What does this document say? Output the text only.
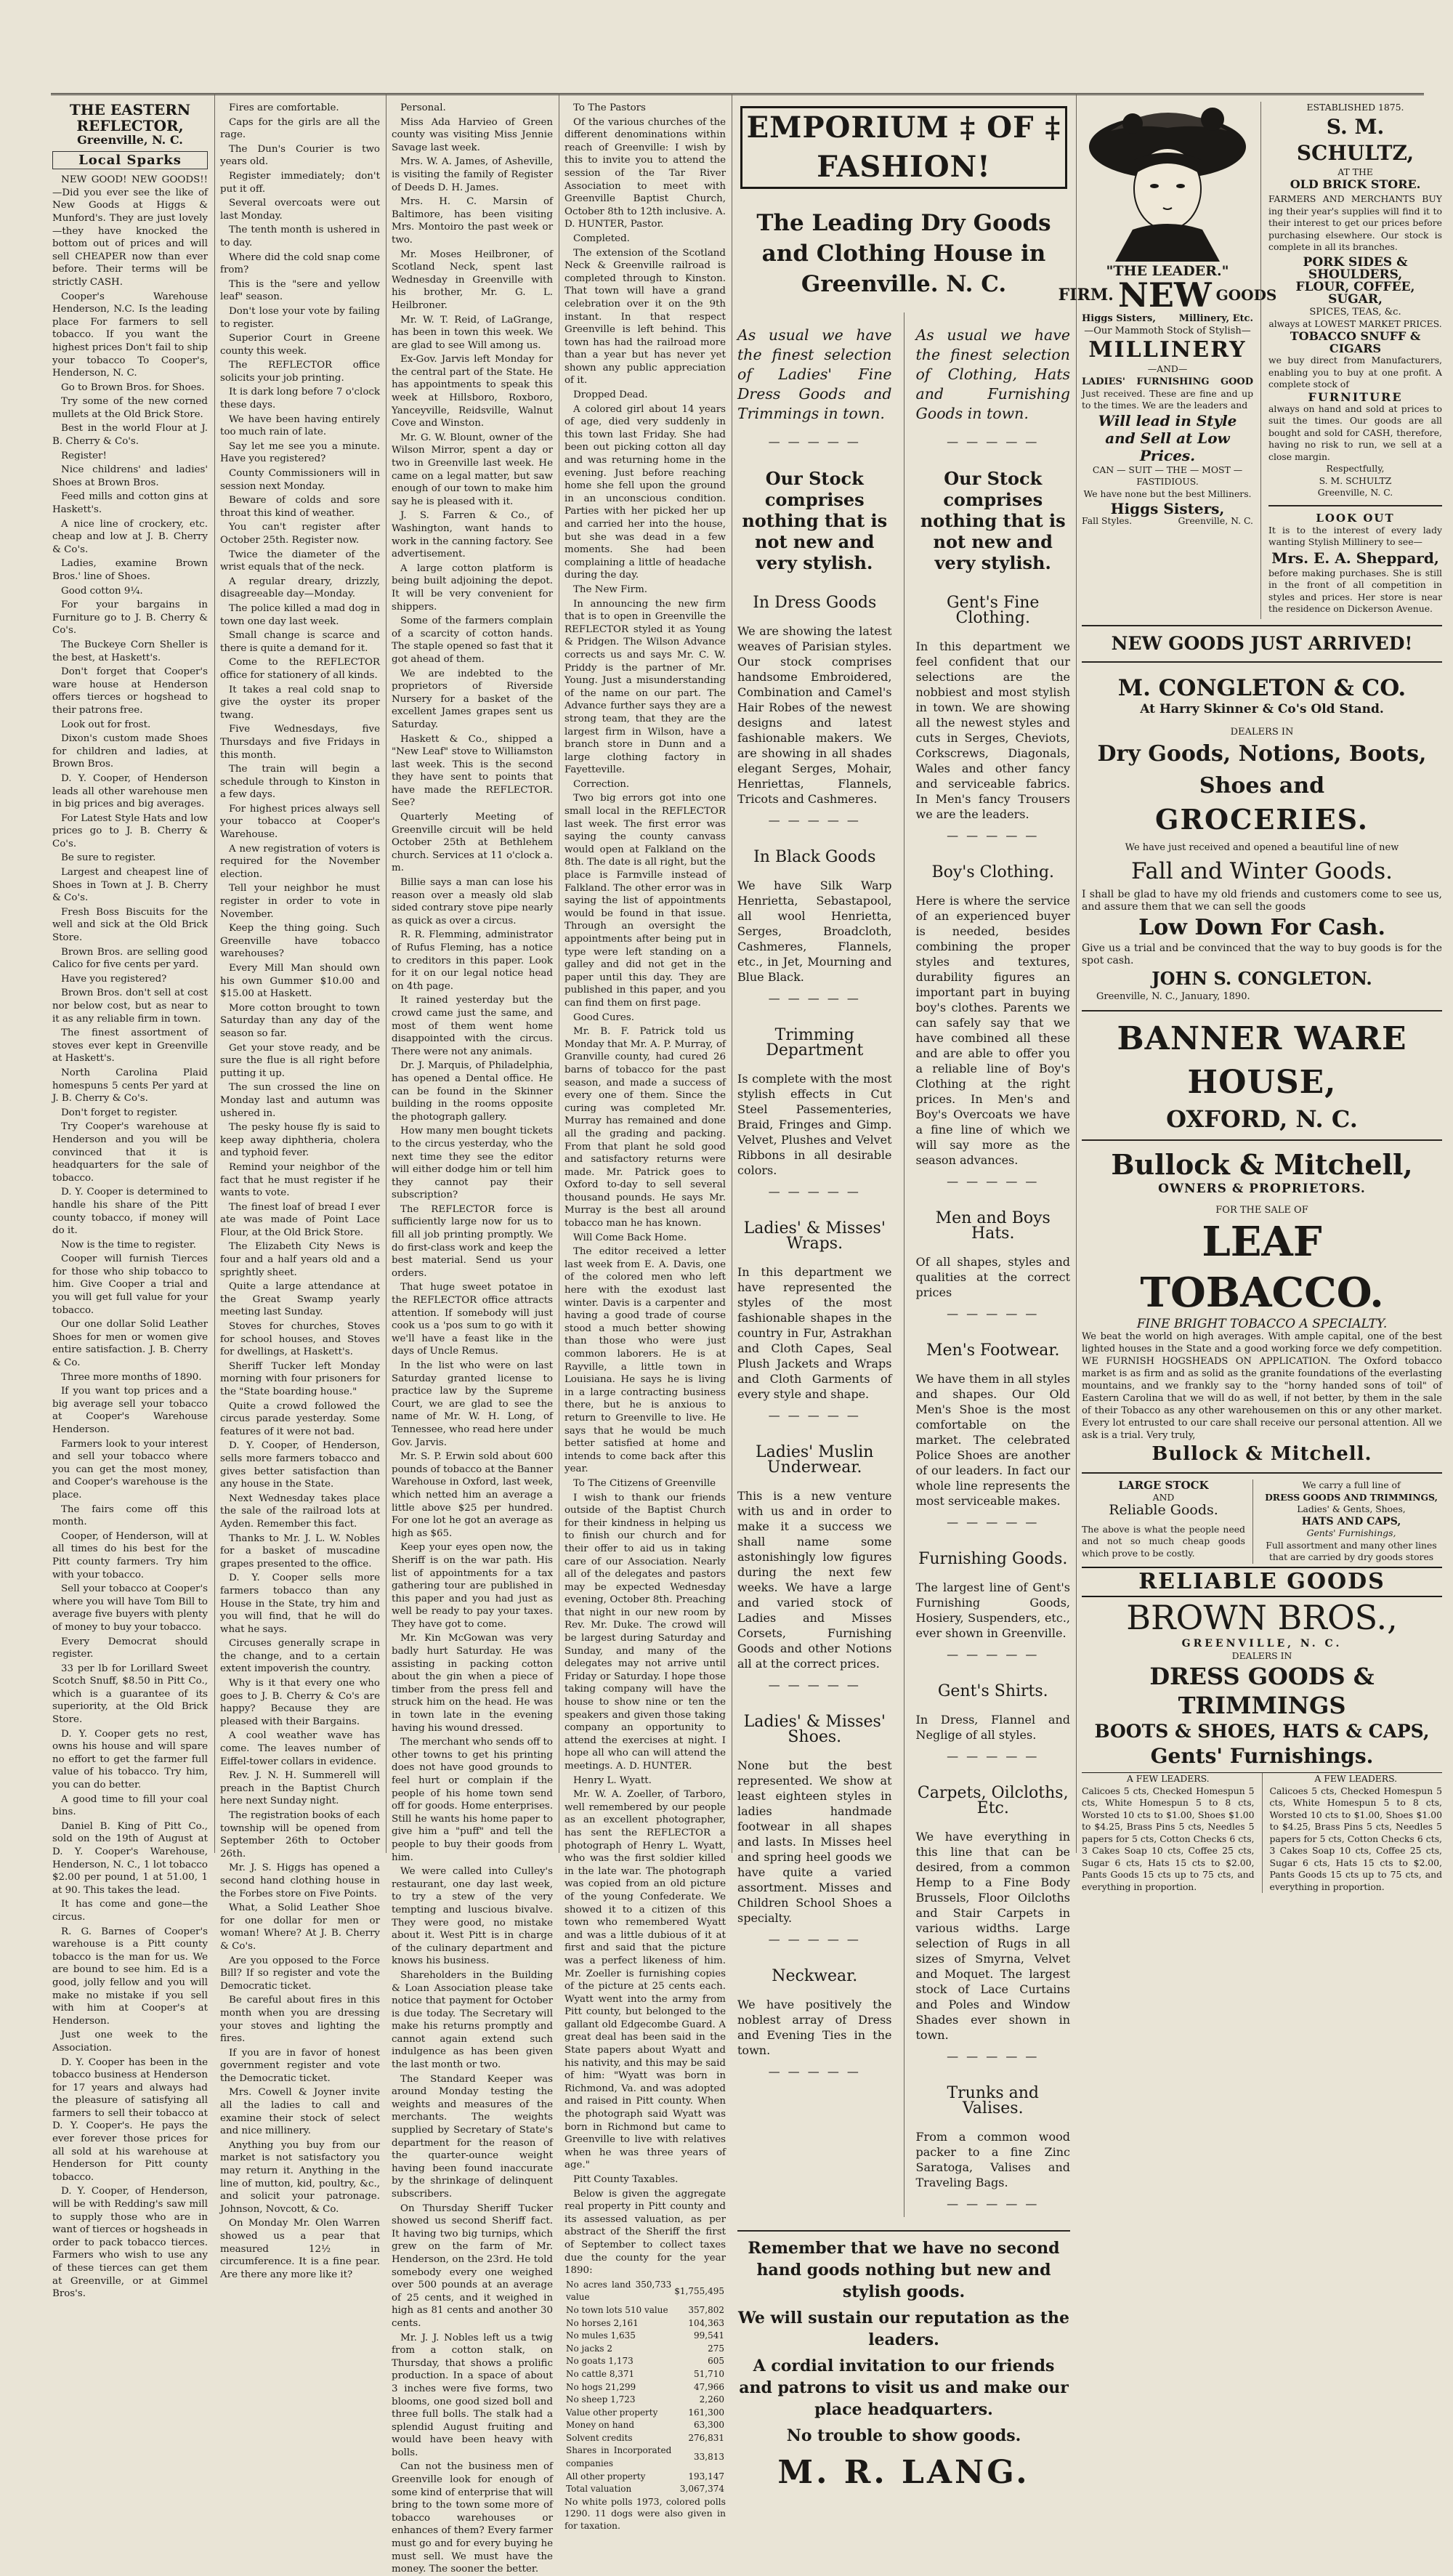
THE EASTERN REFLECTOR,
Greenville, N. C.
Local Sparks

NEW GOOD! NEW GOODS!!—Did you ever see the like of New Goods at Higgs & Munford's. They are just lovely—they have knocked the bottom out of prices and will sell CHEAPER now than ever before. Their terms will be strictly CASH.

Cooper's Warehouse Henderson, N.C. Is the leading place For farmers to sell tobacco. If you want the highest prices Don't fail to ship your tobacco To Cooper's, Henderson, N. C.

Go to Brown Bros. for Shoes.

Try some of the new corned mullets at the Old Brick Store.

Best in the world Flour at J. B. Cherry & Co's.

Register!

Nice childrens' and ladies' Shoes at Brown Bros.

Feed mills and cotton gins at Haskett's.

A nice line of crockery, etc. cheap and low at J. B. Cherry & Co's.

Ladies, examine Brown Bros.' line of Shoes.

Good cotton 9¼.

For your bargains in Furniture go to J. B. Cherry & Co's.

The Buckeye Corn Sheller is the best, at Haskett's.

Don't forget that Cooper's ware house at Henderson offers tierces or hogshead to their patrons free.

Look out for frost.

Dixon's custom made Shoes for children and ladies, at Brown Bros.

D. Y. Cooper, of Henderson leads all other warehouse men in big prices and big averages.

For Latest Style Hats and low prices go to J. B. Cherry & Co's.

Be sure to register.

Largest and cheapest line of Shoes in Town at J. B. Cherry & Co's.

Fresh Boss Biscuits for the well and sick at the Old Brick Store.

Brown Bros. are selling good Calico for five cents per yard.

Have you registered?

Brown Bros. don't sell at cost nor below cost, but as near to it as any reliable firm in town.

The finest assortment of stoves ever kept in Greenville at Haskett's.

North Carolina Plaid homespuns 5 cents Per yard at J. B. Cherry & Co's.

Don't forget to register.

Try Cooper's warehouse at Henderson and you will be convinced that it is headquarters for the sale of tobacco.

D. Y. Cooper is determined to handle his share of the Pitt county tobacco, if money will do it.

Now is the time to register.

Cooper will furnish Tierces for those who ship tobacco to him. Give Cooper a trial and you will get full value for your tobacco.

Our one dollar Solid Leather Shoes for men or women give entire satisfaction. J. B. Cherry & Co.

Three more months of 1890.

If you want top prices and a big average sell your tobacco at Cooper's Warehouse Henderson.

Farmers look to your interest and sell your tobacco where you can get the most money, and Cooper's warehouse is the place.

The fairs come off this month.

Cooper, of Henderson, will at all times do his best for the Pitt county farmers. Try him with your tobacco.

Sell your tobacco at Cooper's where you will have Tom Bill to average five buyers with plenty of money to buy your tobacco.

Every Democrat should register.

33 per lb for Lorillard Sweet Scotch Snuff, $8.50 in Pitt Co., which is a guarantee of its superiority, at the Old Brick Store.

D. Y. Cooper gets no rest, owns his house and will spare no effort to get the farmer full value of his tobacco. Try him, you can do better.

A good time to fill your coal bins.

Daniel B. King of Pitt Co., sold on the 19th of August at D. Y. Cooper's Warehouse, Henderson, N. C., 1 lot tobacco $2.00 per pound, 1 at 51.00, 1 at 90. This takes the lead.

It has come and gone—the circus.

R. G. Barnes of Cooper's warehouse is a Pitt county tobacco is the man for us. We are bound to see him. Ed is a good, jolly fellow and you will make no mistake if you sell with him at Cooper's at Henderson.

Just one week to the Association.

D. Y. Cooper has been in the tobacco business at Henderson for 17 years and always had the pleasure of satisfying all farmers to sell their tobacco at D. Y. Cooper's. He pays the ever forever those prices for all sold at his warehouse at Henderson for Pitt county tobacco.

D. Y. Cooper, of Henderson, will be with Redding's saw mill to supply those who are in want of tierces or hogsheads in order to pack tobacco tierces. Farmers who wish to use any of these tierces can get them at Greenville, or at Gimmel Bros's.

Fires are comfortable.

Caps for the girls are all the rage.

The Dun's Courier is two years old.

Register immediately; don't put it off.

Several overcoats were out last Monday.

The tenth month is ushered in to day.

Where did the cold snap come from?

This is the "sere and yellow leaf" season.

Don't lose your vote by failing to register.

Superior Court in Greene county this week.

The REFLECTOR office solicits your job printing.

It is dark long before 7 o'clock these days.

We have been having entirely too much rain of late.

Say let me see you a minute. Have you registered?

County Commissioners will in session next Monday.

Beware of colds and sore throat this kind of weather.

You can't register after October 25th. Register now.

Twice the diameter of the wrist equals that of the neck.

A regular dreary, drizzly, disagreeable day—Monday.

The police killed a mad dog in town one day last week.

Small change is scarce and there is quite a demand for it.

Come to the REFLECTOR office for stationery of all kinds.

It takes a real cold snap to give the oyster its proper twang.

Five Wednesdays, five Thursdays and five Fridays in this month.

The train will begin a schedule through to Kinston in a few days.

For highest prices always sell your tobacco at Cooper's Warehouse.

A new registration of voters is required for the November election.

Tell your neighbor he must register in order to vote in November.

Keep the thing going. Such Greenville have tobacco warehouses?

Every Mill Man should own his own Gummer $10.00 and $15.00 at Haskett.

More cotton brought to town Saturday than any day of the season so far.

Get your stove ready, and be sure the flue is all right before putting it up.

The sun crossed the line on Monday last and autumn was ushered in.

The pesky house fly is said to keep away diphtheria, cholera and typhoid fever.

Remind your neighbor of the fact that he must register if he wants to vote.

The finest loaf of bread I ever ate was made of Point Lace Flour, at the Old Brick Store.

The Elizabeth City News is four and a half years old and a sprightly sheet.

Quite a large attendance at the Great Swamp yearly meeting last Sunday.

Stoves for churches, Stoves for school houses, and Stoves for dwellings, at Haskett's.

Sheriff Tucker left Monday morning with four prisoners for the "State boarding house."

Quite a crowd followed the circus parade yesterday. Some features of it were not bad.

D. Y. Cooper, of Henderson, sells more farmers tobacco and gives better satisfaction than any house in the State.

Next Wednesday takes place the sale of the railroad lots at Ayden. Remember this fact.

Thanks to Mr. J. L. W. Nobles for a basket of muscadine grapes presented to the office.

D. Y. Cooper sells more farmers tobacco than any House in the State, try him and you will find, that he will do what he says.

Circuses generally scrape in the change, and to a certain extent impoverish the country.

Why is it that every one who goes to J. B. Cherry & Co's are happy? Because they are pleased with their Bargains.

A cool weather wave has come. The leaves number of Eiffel-tower collars in evidence.

Rev. J. N. H. Summerell will preach in the Baptist Church here next Sunday night.

The registration books of each township will be opened from September 26th to October 26th.

Mr. J. S. Higgs has opened a second hand clothing house in the Forbes store on Five Points.

What, a Solid Leather Shoe for one dollar for men or woman! Where? At J. B. Cherry & Co's.

Are you opposed to the Force Bill? If so register and vote the Democratic ticket.

Be careful about fires in this month when you are dressing your stoves and lighting the fires.

If you are in favor of honest government register and vote the Democratic ticket.

Mrs. Cowell & Joyner invite all the ladies to call and examine their stock of select and nice millinery.

Anything you buy from our market is not satisfactory you may return it. Anything in the line of mutton, kid, poultry, &c., and solicit your patronage. Johnson, Novcott, & Co.

On Monday Mr. Olen Warren showed us a pear that measured 12½ in circumference. It is a fine pear. Are there any more like it?

Personal.

Miss Ada Harvieo of Green county was visiting Miss Jennie Savage last week.

Mrs. W. A. James, of Asheville, is visiting the family of Register of Deeds D. H. James.

Mrs. H. C. Marsin of Baltimore, has been visiting Mrs. Montoiro the past week or two.

Mr. Moses Heilbroner, of Scotland Neck, spent last Wednesday in Greenville with his brother, Mr. G. L. Heilbroner.

Mr. W. T. Reid, of LaGrange, has been in town this week. We are glad to see Will among us.

Ex-Gov. Jarvis left Monday for the central part of the State. He has appointments to speak this week at Hillsboro, Roxboro, Yanceyville, Reidsville, Walnut Cove and Winston.

Mr. G. W. Blount, owner of the Wilson Mirror, spent a day or two in Greenville last week. He came on a legal matter, but saw enough of our town to make him say he is pleased with it.

J. S. Farren & Co., of Washington, want hands to work in the canning factory. See advertisement.

A large cotton platform is being built adjoining the depot. It will be very convenient for shippers.

Some of the farmers complain of a scarcity of cotton hands. The staple opened so fast that it got ahead of them.

We are indebted to the proprietors of Riverside Nursery for a basket of the excellent James grapes sent us Saturday.

Haskett & Co., shipped a "New Leaf" stove to Williamston last week. This is the second they have sent to points that have made the REFLECTOR. See?

Quarterly Meeting of Greenville circuit will be held October 25th at Bethlehem church. Services at 11 o'clock a. m.

Billie says a man can lose his reason over a measly old slab sided contrary stove pipe nearly as quick as over a circus.

R. R. Flemming, administrator of Rufus Fleming, has a notice to creditors in this paper. Look for it on our legal notice head on 4th page.

It rained yesterday but the crowd came just the same, and most of them went home disappointed with the circus. There were not any animals.

Dr. J. Marquis, of Philadelphia, has opened a Dental office. He can be found in the Skinner building in the rooms opposite the photograph gallery.

How many men bought tickets to the circus yesterday, who the next time they see the editor will either dodge him or tell him they cannot pay their subscription?

The REFLECTOR force is sufficiently large now for us to fill all job printing promptly. We do first-class work and keep the best material. Send us your orders.

That huge sweet potatoe in the REFLECTOR office attracts attention. If somebody will just cook us a 'pos sum to go with it we'll have a feast like in the days of Uncle Remus.

In the list who were on last Saturday granted license to practice law by the Supreme Court, we are glad to see the name of Mr. W. H. Long, of Tennessee, who read here under Gov. Jarvis.

Mr. S. P. Erwin sold about 600 pounds of tobacco at the Banner Warehouse in Oxford, last week, which netted him an average a little above $25 per hundred. For one lot he got an average as high as $65.

Keep your eyes open now, the Sheriff is on the war path. His list of appointments for a tax gathering tour are published in this paper and you had just as well be ready to pay your taxes. They have got to come.

Mr. Kin McGowan was very badly hurt Saturday. He was assisting in packing cotton about the gin when a piece of timber from the press fell and struck him on the head. He was in town late in the evening having his wound dressed.

The merchant who sends off to other towns to get his printing does not have good grounds to feel hurt or complain if the people of his home town send off for goods. Home enterprises. Still he wants his home paper to give him a "puff" and tell the people to buy their goods from him.

We were called into Culley's restaurant, one day last week, to try a stew of the very tempting and luscious bivalve. They were good, no mistake about it. West Pitt is in charge of the culinary department and knows his business.

Shareholders in the Building & Loan Association please take notice that payment for October is due today. The Secretary will make his returns promptly and cannot again extend such indulgence as has been given the last month or two.

The Standard Keeper was around Monday testing the weights and measures of the merchants. The weights supplied by Secretary of State's department for the reason of the quarter-ounce weight having been found inaccurate by the shrinkage of delinquent subscribers.

On Thursday Sheriff Tucker showed us second Sheriff fact. It having two big turnips, which grew on the farm of Mr. Henderson, on the 23rd. He told somebody every one weighed over 500 pounds at an average of 25 cents, and it weighed in high as 81 cents and another 30 cents.

Mr. J. J. Nobles left us a twig from a cotton stalk, on Thursday, that shows a prolific production. In a space of about 3 inches were five forms, two blooms, one good sized boll and three full bolls. The stalk had a splendid August fruiting and would have been heavy with bolls.

Can not the business men of Greenville look for enough of some kind of enterprise that will bring to the town some more of tobacco warehouses or enhances of them? Every farmer must go and for every buying he must sell. We must have the money. The sooner the better.

To The Pastors

Of the various churches of the different denominations within reach of Greenville: I wish by this to invite you to attend the session of the Tar River Association to meet with Greenville Baptist Church, October 8th to 12th inclusive. A. D. HUNTER, Pastor.

Completed.

The extension of the Scotland Neck & Greenville railroad is completed through to Kinston. That town will have a grand celebration over it on the 9th instant. In that respect Greenville is left behind. This town has had the railroad more than a year but has never yet shown any public appreciation of it.

Dropped Dead.

A colored girl about 14 years of age, died very suddenly in this town last Friday. She had been out picking cotton all day and was returning home in the evening. Just before reaching home she fell upon the ground in an unconscious condition. Parties with her picked her up and carried her into the house, but she was dead in a few moments. She had been complaining a little of headache during the day.

The New Firm.

In announcing the new firm that is to open in Greenville the REFLECTOR styled it as Young & Pridgen. The Wilson Advance corrects us and says Mr. C. W. Priddy is the partner of Mr. Young. Just a misunderstanding of the name on our part. The Advance further says they are a strong team, that they are the largest firm in Wilson, have a branch store in Dunn and a large clothing factory in Fayetteville.

Correction.

Two big errors got into one small local in the REFLECTOR last week. The first error was saying the county canvass would open at Falkland on the 8th. The date is all right, but the place is Farmville instead of Falkland. The other error was in saying the list of appointments would be found in that issue. Through an oversight the appointments after being put in type were left standing on a galley and did not get in the paper until this day. They are published in this paper, and you can find them on first page.

Good Cures.

Mr. B. F. Patrick told us Monday that Mr. A. P. Murray, of Granville county, had cured 26 barns of tobacco for the past season, and made a success of every one of them. Since the curing was completed Mr. Murray has remained and done all the grading and packing. From that plant he sold good and satisfactory returns were made. Mr. Patrick goes to Oxford to-day to sell several thousand pounds. He says Mr. Murray is the best all around tobacco man he has known.

Will Come Back Home.

The editor received a letter last week from E. A. Davis, one of the colored men who left here with the exodust last winter. Davis is a carpenter and having a good trade of course stood a much better showing than those who were just common laborers. He is at Rayville, a little town in Louisiana. He says he is living in a large contracting business there, but he is anxious to return to Greenville to live. He says that he would be much better satisfied at home and intends to come back after this year.

To The Citizens of Greenville

I wish to thank our friends outside of the Baptist Church for their kindness in helping us to finish our church and for their offer to aid us in taking care of our Association. Nearly all of the delegates and pastors may be expected Wednesday evening, October 8th. Preaching that night in our new room by Rev. Mr. Duke. The crowd will be largest during Saturday and Sunday, and many of the delegates may not arrive until Friday or Saturday. I hope those taking company will have the house to show nine or ten the speakers and given those taking company an opportunity to attend the exercises at night. I hope all who can will attend the meetings. A. D. HUNTER.

Henry L. Wyatt.

Mr. W. A. Zoeller, of Tarboro, well remembered by our people as an excellent photographer, has sent the REFLECTOR a photograph of Henry L. Wyatt, who was the first soldier killed in the late war. The photograph was copied from an old picture of the young Confederate. We showed it to a citizen of this town who remembered Wyatt and was a little dubious of it at first and said that the picture was a perfect likeness of him. Mr. Zoeller is furnishing copies of the picture at 25 cents each. Wyatt went into the army from Pitt county, but belonged to the gallant old Edgecombe Guard. A great deal has been said in the State papers about Wyatt and his nativity, and this may be said of him: "Wyatt was born in Richmond, Va. and was adopted and raised in Pitt county. When the photograph said Wyatt was born in Richmond but came to Greenville to live with relatives when he was three years of age."

Pitt County Taxables.

Below is given the aggregate real property in Pitt county and its assessed valuation, as per abstract of the Sheriff the first of September to collect taxes due the county for the year 1890:

No acres land 350,733 value	$1,755,495
No town lots 510 value	357,802
No horses 2,161	104,363
No mules 1,635	99,541
No jacks 2	275
No goats 1,173	605
No cattle 8,371	51,710
No hogs 21,299	47,966
No sheep 1,723	2,260
Value other property	161,300
Money on hand	63,300
Solvent credits	276,831
Shares in Incorporated companies	33,813
All other property	193,147
Total valuation	3,067,374
No white polls 1973, colored polls 1290. 11 dogs were also given in for taxation.
EMPORIUM ‡ OF ‡ FASHION!
The Leading Dry Goods and Clothing House in Greenville. N. C.
As usual we have the finest selection of Ladies' Fine Dress Goods and Trimmings in town.
— — — — —
Our Stock comprises nothing that is not new and very stylish.
In Dress Goods
We are showing the latest weaves of Parisian styles. Our stock comprises handsome Embroidered, Combination and Camel's Hair Robes of the newest designs and latest fashionable makers. We are showing in all shades elegant Serges, Mohair, Henriettas, Flannels, Tricots and Cashmeres.
— — — — —
In Black Goods
We have Silk Warp Henrietta, Sebastapool, all wool Henrietta, Serges, Broadcloth, Cashmeres, Flannels, etc., in Jet, Mourning and Blue Black.
— — — — —
Trimming Department
Is complete with the most stylish effects in Cut Steel Passementeries, Braid, Fringes and Gimp. Velvet, Plushes and Velvet Ribbons in all desirable colors.
— — — — —
Ladies' & Misses' Wraps.
In this department we have represented the styles of the most fashionable shapes in the country in Fur, Astrakhan and Cloth Capes, Seal Plush Jackets and Wraps and Cloth Garments of every style and shape.
— — — — —
Ladies' Muslin Underwear.
This is a new venture with us and in order to make it a success we shall name some astonishingly low figures during the next few weeks. We have a large and varied stock of Ladies and Misses Corsets, Furnishing Goods and other Notions all at the correct prices.
— — — — —
Ladies' & Misses' Shoes.
None but the best represented. We show at least eighteen styles in ladies handmade footwear in all shapes and lasts. In Misses heel and spring heel goods we have quite a varied assortment. Misses and Children School Shoes a specialty.
— — — — —
Neckwear.
We have positively the noblest array of Dress and Evening Ties in the town.
— — — — —
As usual we have the finest selection of Clothing, Hats and Furnishing Goods in town.
— — — — —
Our Stock comprises nothing that is not new and very stylish.
Gent's Fine Clothing.
In this department we feel confident that our selections are the nobbiest and most stylish in town. We are showing all the newest styles and cuts in Serges, Cheviots, Corkscrews, Diagonals, Wales and other fancy and serviceable fabrics. In Men's fancy Trousers we are the leaders.
— — — — —
Boy's Clothing.
Here is where the service of an experienced buyer is needed, besides combining the proper styles and textures, durability figures an important part in buying boy's clothes. Parents we can safely say that we have combined all these and are able to offer you a reliable line of Boy's Clothing at the right prices. In Men's and Boy's Overcoats we have a fine line of which we will say more as the season advances.
— — — — —
Men and Boys Hats.
Of all shapes, styles and qualities at the correct prices
— — — — —
Men's Footwear.
We have them in all styles and shapes. Our Old Men's Shoe is the most comfortable on the market. The celebrated Police Shoes are another of our leaders. In fact our whole line represents the most serviceable makes.
— — — — —
Furnishing Goods.
The largest line of Gent's Furnishing Goods, Hosiery, Suspenders, etc., ever shown in Greenville.
— — — — —
Gent's Shirts.
In Dress, Flannel and Neglige of all styles.
— — — — —
Carpets, Oilcloths, Etc.
We have everything in this line that can be desired, from a common Hemp to a Fine Body Brussels, Floor Oilcloths and Stair Carpets in various widths. Large selection of Rugs in all sizes of Smyrna, Velvet and Moquet. The largest stock of Lace Curtains and Poles and Window Shades ever shown in town.
— — — — —
Trunks and Valises.
From a common wood packer to a fine Zinc Saratoga, Valises and Traveling Bags.
— — — — —
Remember that we have no second hand goods nothing but new and stylish goods.
We will sustain our reputation as the leaders.
A cordial invitation to our friends and patrons to visit us and make our place headquarters.
No trouble to show goods.
M. R. LANG.
"THE LEADER."
FIRM. NEW GOODS
Higgs Sisters, Millinery, Etc.
—Our Mammoth Stock of Stylish—
MILLINERY
—AND—
LADIES' FURNISHING GOOD
Just received. These are fine and up to the times. We are the leaders and
Will lead in Style and Sell at Low Prices.
CAN — SUIT — THE — MOST — FASTIDIOUS.
We have none but the best Milliners.
Higgs Sisters,
Fall Styles.	Greenville, N. C.
ESTABLISHED 1875.
S. M. SCHULTZ,
AT THE
OLD BRICK STORE.
FARMERS AND MERCHANTS BUY ing their year's supplies will find it to their interest to get our prices before purchasing elsewhere. Our stock is complete in all its branches.
PORK SIDES & SHOULDERS,
FLOUR, COFFEE, SUGAR,
SPICES, TEAS, &c.
always at LOWEST MARKET PRICES.
TOBACCO SNUFF & CIGARS
we buy direct from Manufacturers, enabling you to buy at one profit. A complete stock of
FURNITURE
always on hand and sold at prices to suit the times. Our goods are all bought and sold for CASH, therefore, having no risk to run, we sell at a close margin.
Respectfully,
S. M. SCHULTZ
Greenville, N. C.
LOOK OUT
It is to the interest of every lady wanting Stylish Millinery to see—
Mrs. E. A. Sheppard,
before making purchases. She is still in the front of all competition in styles and prices. Her store is near the residence on Dickerson Avenue.
NEW GOODS JUST ARRIVED!
M. CONGLETON & CO.
At Harry Skinner & Co's Old Stand.
DEALERS IN
Dry Goods, Notions, Boots, Shoes and
GROCERIES.
We have just received and opened a beautiful line of new
Fall and Winter Goods.
I shall be glad to have my old friends and customers come to see us, and assure them that we can sell the goods
Low Down For Cash.
Give us a trial and be convinced that the way to buy goods is for the spot cash.
JOHN S. CONGLETON.
Greenville, N. C., January, 1890.
BANNER WARE HOUSE,
OXFORD, N. C.
Bullock & Mitchell,
OWNERS & PROPRIETORS.
FOR THE SALE OF
LEAF TOBACCO.
FINE BRIGHT TOBACCO A SPECIALTY.
We beat the world on high averages. With ample capital, one of the best lighted houses in the State and a good working force we defy competition. WE FURNISH HOGSHEADS ON APPLICATION. The Oxford tobacco market is as firm and as solid as the granite foundations of the everlasting mountains, and we frankly say to the "horny handed sons of toil" of Eastern Carolina that we will do as well, if not better, by them in the sale of their Tobacco as any other warehousemen on this or any other market. Every lot entrusted to our care shall receive our personal attention. All we ask is a trial. Very truly,
Bullock & Mitchell.
LARGE STOCK
AND
Reliable Goods.
The above is what the people need and not so much cheap goods which prove to be costly.
We carry a full line of
DRESS GOODS AND TRIMMINGS,
Ladies' & Gents, Shoes,
HATS AND CAPS,
Gents' Furnishings,
Full assortment and many other lines that are carried by dry goods stores
RELIABLE GOODS
BROWN BROS.,
GREENVILLE, N. C.
DEALERS IN
DRESS GOODS & TRIMMINGS
BOOTS & SHOES, HATS & CAPS,
Gents' Furnishings.
A FEW LEADERS.
Calicoes 5 cts, Checked Homespun 5 cts, White Homespun 5 to 8 cts, Worsted 10 cts to $1.00, Shoes $1.00 to $4.25, Brass Pins 5 cts, Needles 5 papers for 5 cts, Cotton Checks 6 cts, 3 Cakes Soap 10 cts, Coffee 25 cts, Sugar 6 cts, Hats 15 cts to $2.00, Pants Goods 15 cts up to 75 cts, and everything in proportion.
A FEW LEADERS.
Calicoes 5 cts, Checked Homespun 5 cts, White Homespun 5 to 8 cts, Worsted 10 cts to $1.00, Shoes $1.00 to $4.25, Brass Pins 5 cts, Needles 5 papers for 5 cts, Cotton Checks 6 cts, 3 Cakes Soap 10 cts, Coffee 25 cts, Sugar 6 cts, Hats 15 cts to $2.00, Pants Goods 15 cts up to 75 cts, and everything in proportion.
